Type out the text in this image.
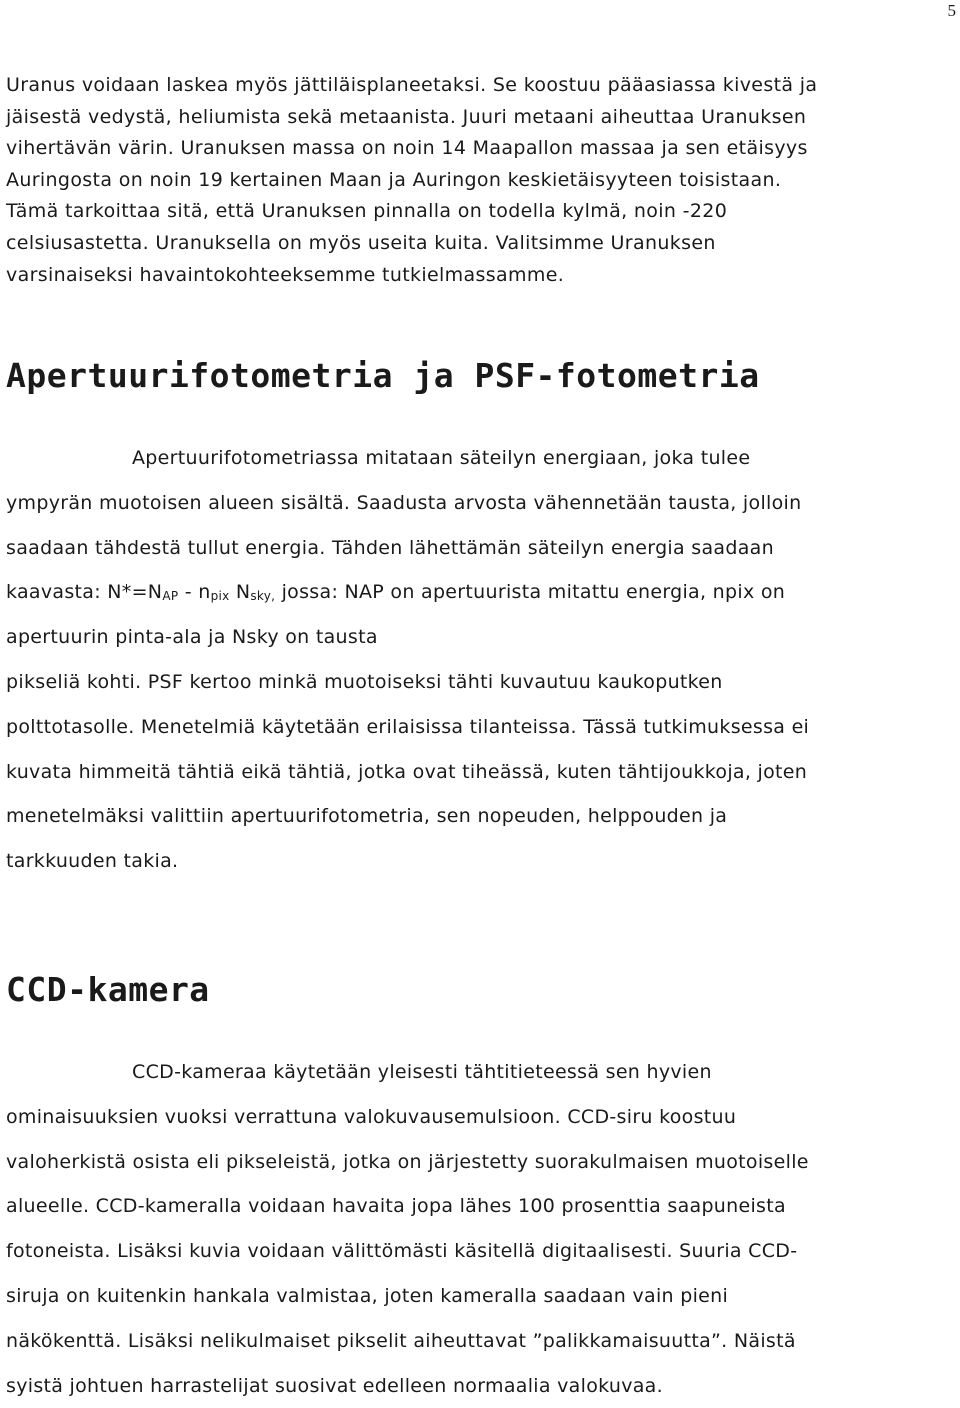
5

Uranus voidaan laskea myös jättiläisplaneetaksi. Se koostuu pääasiassa kivestä ja
jäisestä vedystä, heliumista sekä metaanista. Juuri metaani aiheuttaa Uranuksen
vihertävän värin. Uranuksen massa on noin 14 Maapallon massaa ja sen etäisyys
Auringosta on noin 19 kertainen Maan ja Auringon keskietäisyyteen toisistaan.
Tämä tarkoittaa sitä, että Uranuksen pinnalla on todella kylmä, noin -220
celsiusastetta. Uranuksella on myös useita kuita. Valitsimme Uranuksen
varsinaiseksi havaintokohteeksemme tutkielmassamme.

Apertuurifotometria ja PSF-fotometria
Apertuurifotometriassa mitataan säteilyn energiaan, joka tulee
ympyrän muotoisen alueen sisältä. Saadusta arvosta vähennetään tausta, jolloin
saadaan tähdestä tullut energia. Tähden lähettämän säteilyn energia saadaan
kaavasta: $N*=N_{AP} - n_{pix}$ $N_{sky,}$ jossa: NAP on apertuurista mitattu energia, npix on
apertuurin pinta-ala ja Nsky on tausta
pikseliä kohti. PSF kertoo minkä muotoiseksi tähti kuvautuu kaukoputken
polttotasolle. Menetelmiä käytetään erilaisissa tilanteissa. Tässä tutkimuksessa ei
kuvata himmeitä tähtiä eikä tähtiä, jotka ovat tiheässä, kuten tähtijoukkoja, joten
menetelmäksi valittiin apertuurifotometria, sen nopeuden, helppouden ja
tarkkuuden takia.
CCD-kamera
CCD-kameraa käytetään yleisesti tähtitieteessä sen hyvien
ominaisuuksien vuoksi verrattuna valokuvausemulsioon. CCD-siru koostuu
valoherkistä osista eli pikseleistä, jotka on järjestetty suorakulmaisen muotoiselle
alueelle. CCD-kameralla voidaan havaita jopa lähes 100 prosenttia saapuneista
fotoneista. Lisäksi kuvia voidaan välittömästi käsitellä digitaalisesti. Suuria CCD-
siruja on kuitenkin hankala valmistaa, joten kameralla saadaan vain pieni
näkökenttä. Lisäksi nelikulmaiset pikselit aiheuttavat ”palikkamaisuutta”. Näistä
syistä johtuen harrastelijat suosivat edelleen normaalia valokuvaa.
